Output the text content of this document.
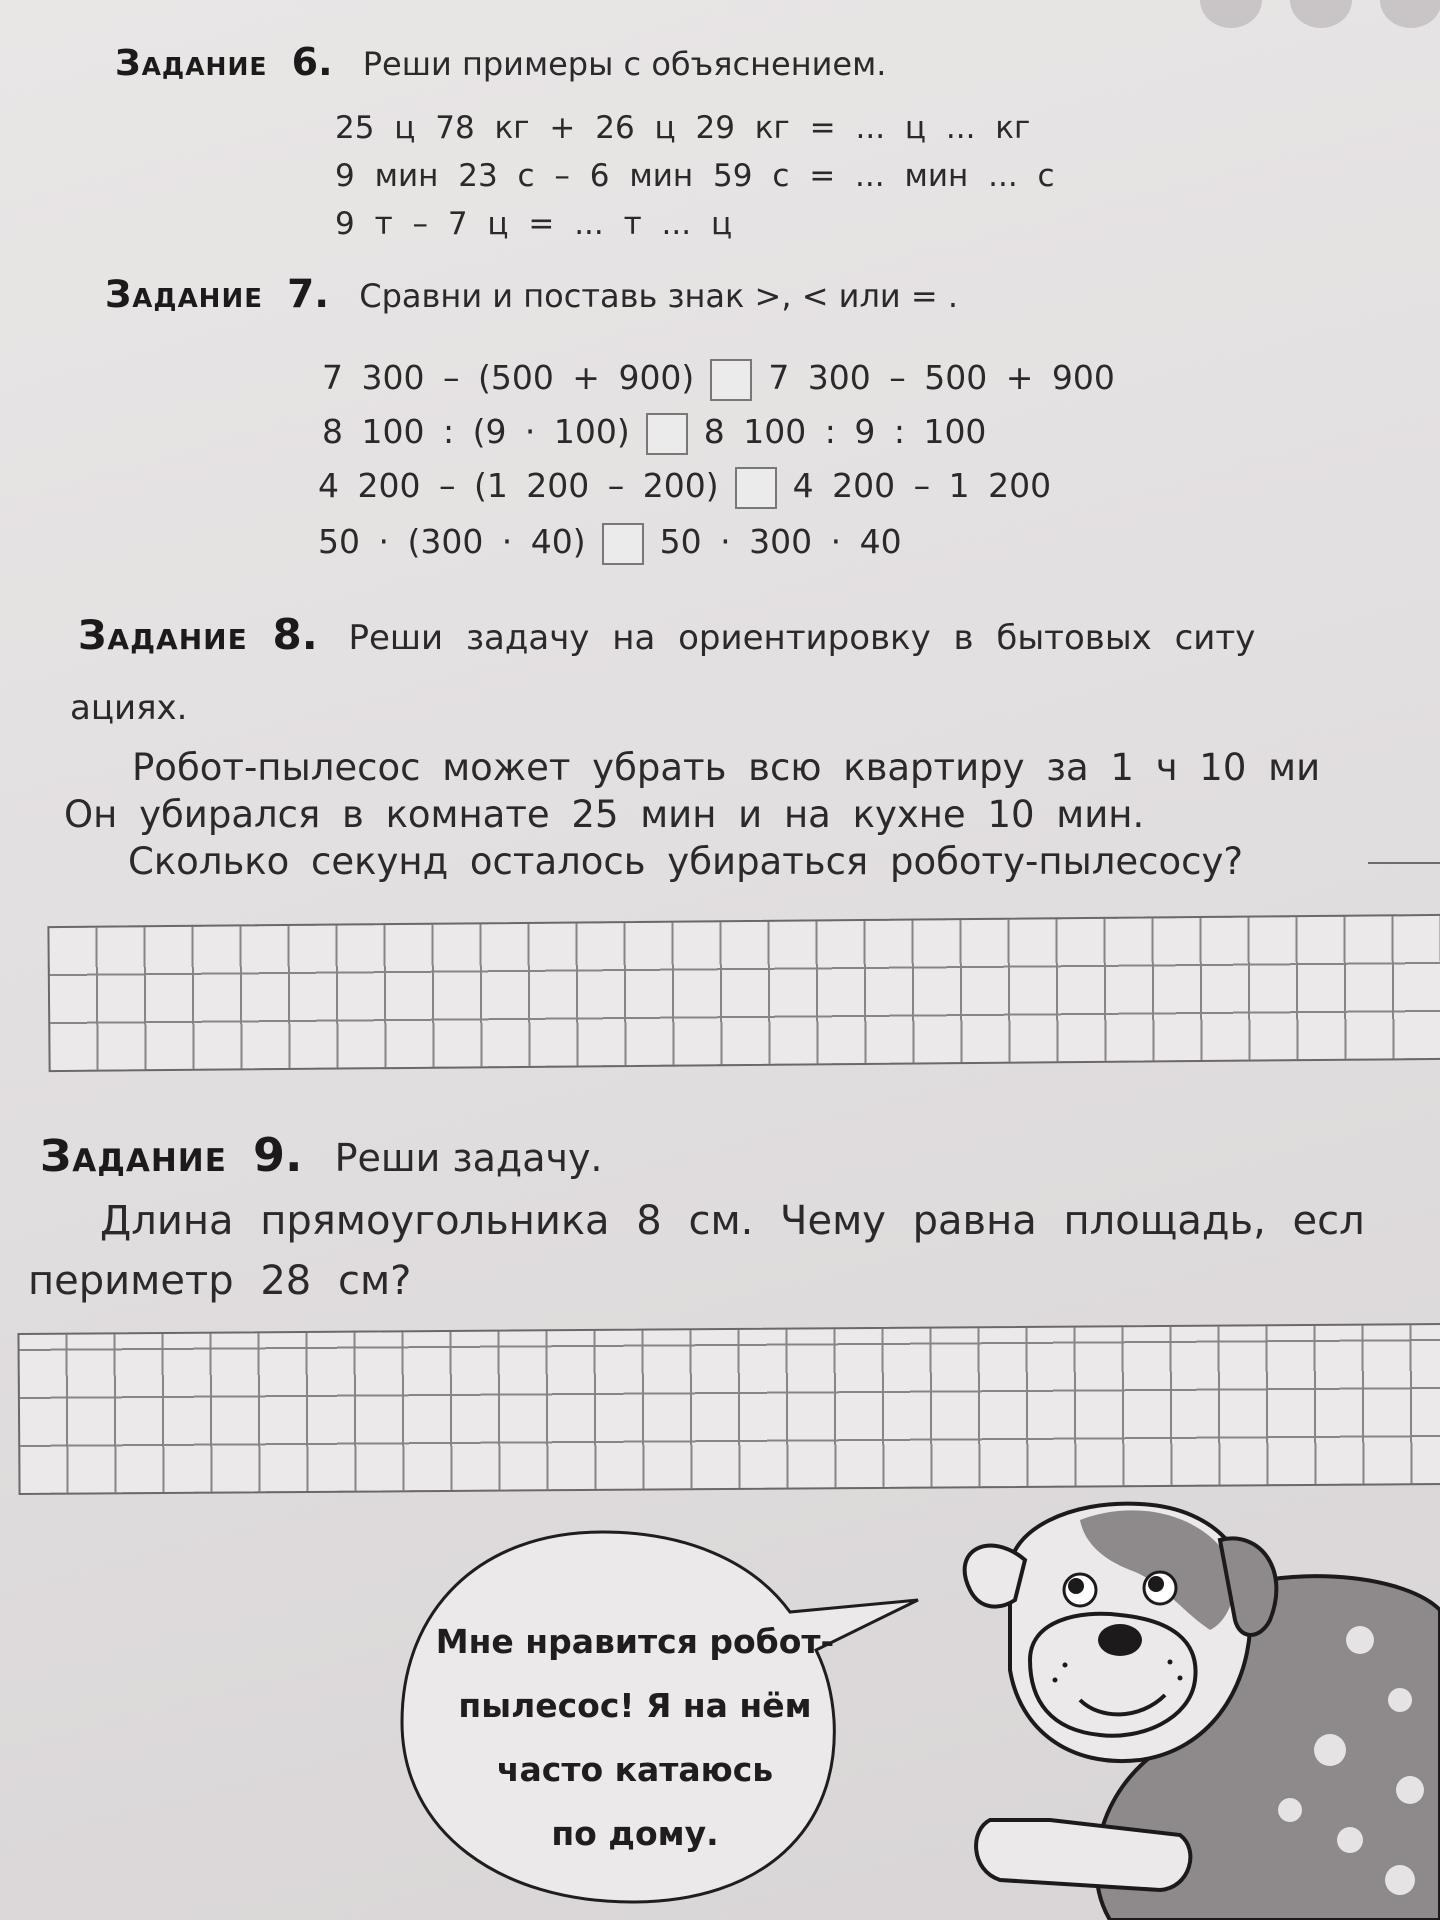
Задание 6. Реши примеры с объяснением.
25 ц 78 кг + 26 ц 29 кг = ... ц ... кг
9 мин 23 с – 6 мин 59 с = ... мин ... с
9 т – 7 ц = ... т ... ц
Задание 7. Сравни и поставь знак >, < или = .
7 300 – (500 + 900) 7 300 – 500 + 900
8 100 : (9 · 100) 8 100 : 9 : 100
4 200 – (1 200 – 200) 4 200 – 1 200
50 · (300 · 40) 50 · 300 · 40
Задание 8. Реши задачу на ориентировку в бытовых ситу
ациях.
Робот-пылесос может убрать всю квартиру за 1 ч 10 ми
Он убирался в комнате 25 мин и на кухне 10 мин.
Сколько секунд осталось убираться роботу-пылесосу?
Задание 9. Реши задачу.
Длина прямоугольника 8 см. Чему равна площадь, есл
периметр 28 см?
Мне нравится робот-
пылесос! Я на нём
часто катаюсь
по дому.
